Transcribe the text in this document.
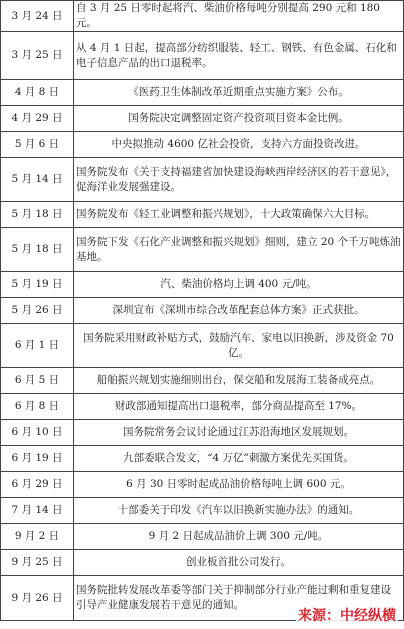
3 月 24 日	自 3 月 25 日零时起将汽、柴油价格每吨分别提高 290 元和 180 元。
3 月 25 日	从 4 月 1 日起，提高部分纺织服装、轻工、钢铁、有色金属、石化和电子信息产品的出口退税率。
4 月 8 日	《医药卫生体制改革近期重点实施方案》公布。
4 月 29 日	国务院决定调整固定资产投资项目资本金比例。
5 月 6 日	中央拟推动 4600 亿社会投资，支持六方面投资改进。
5 月 14 日	国务院发布《关于支持福建省加快建设海峡西岸经济区的若干意见》，促海洋业发展强建设。
5 月 18 日	国务院发布《轻工业调整和振兴规划》，十大政策确保六大目标。
5 月 18 日	国务院下发《石化产业调整和振兴规划》细则，建立 20 个千万吨炼油基地。
5 月 19 日	汽、柴油价格均上调 400 元/吨。
5 月 26 日	深圳宣布《深圳市综合改革配套总体方案》正式获批。
6 月 1 日	国务院采用财政补贴方式，鼓励汽车、家电以旧换新，涉及资金 70 亿。
6 月 5 日	船舶振兴规划实施细则出台，保交船和发展海工装备成亮点。
6 月 8 日	财政部通知提高出口退税率，部分商品提高至 17%。
6 月 10 日	国务院常务会议讨论通过江苏沿海地区发展规划。
6 月 19 日	九部委联合发文，“4 万亿”刺激方案优先买国货。
6 月 29 日	6 月 30 日零时起成品油价格每吨上调 600 元。
7 月 14 日	十部委关于印发《汽车以旧换新实施办法》的通知。
9 月 2 日	9 月 2 日起成品油价上调 300 元/吨。
9 月 25 日	创业板首批公司发行。
9 月 26 日	国务院批转发展改革委等部门关于抑制部分行业产能过剩和重复建设引导产业健康发展若干意见的通知。
来源：中经纵横
